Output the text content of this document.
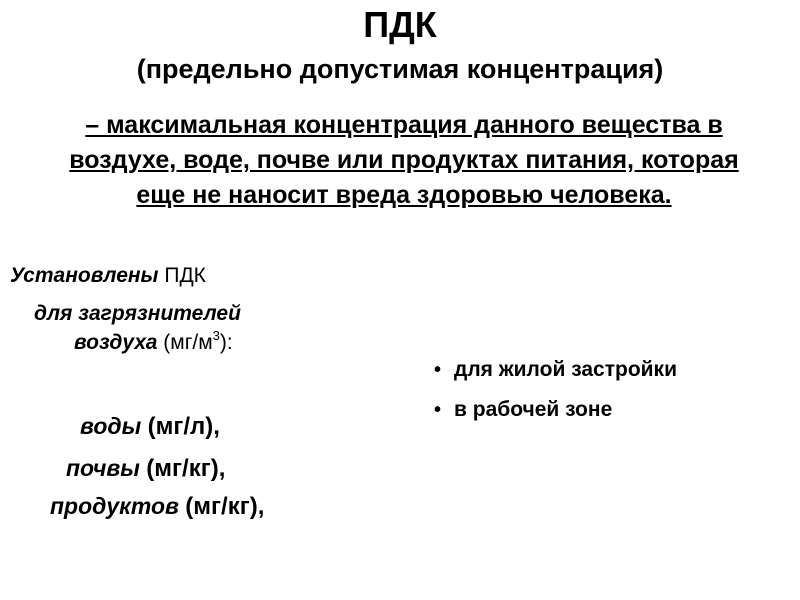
ПДК
(предельно допустимая концентрация)
– максимальная концентрация данного вещества в воздухе, воде, почве или продуктах питания, которая еще не наносит вреда здоровью человека.
Установлены ПДК
для загрязнителей
воздуха $(мг/м^3)$:
воды (мг/л),
почвы (мг/кг),
продуктов (мг/кг),
• для жилой застройки
• в рабочей зоне
